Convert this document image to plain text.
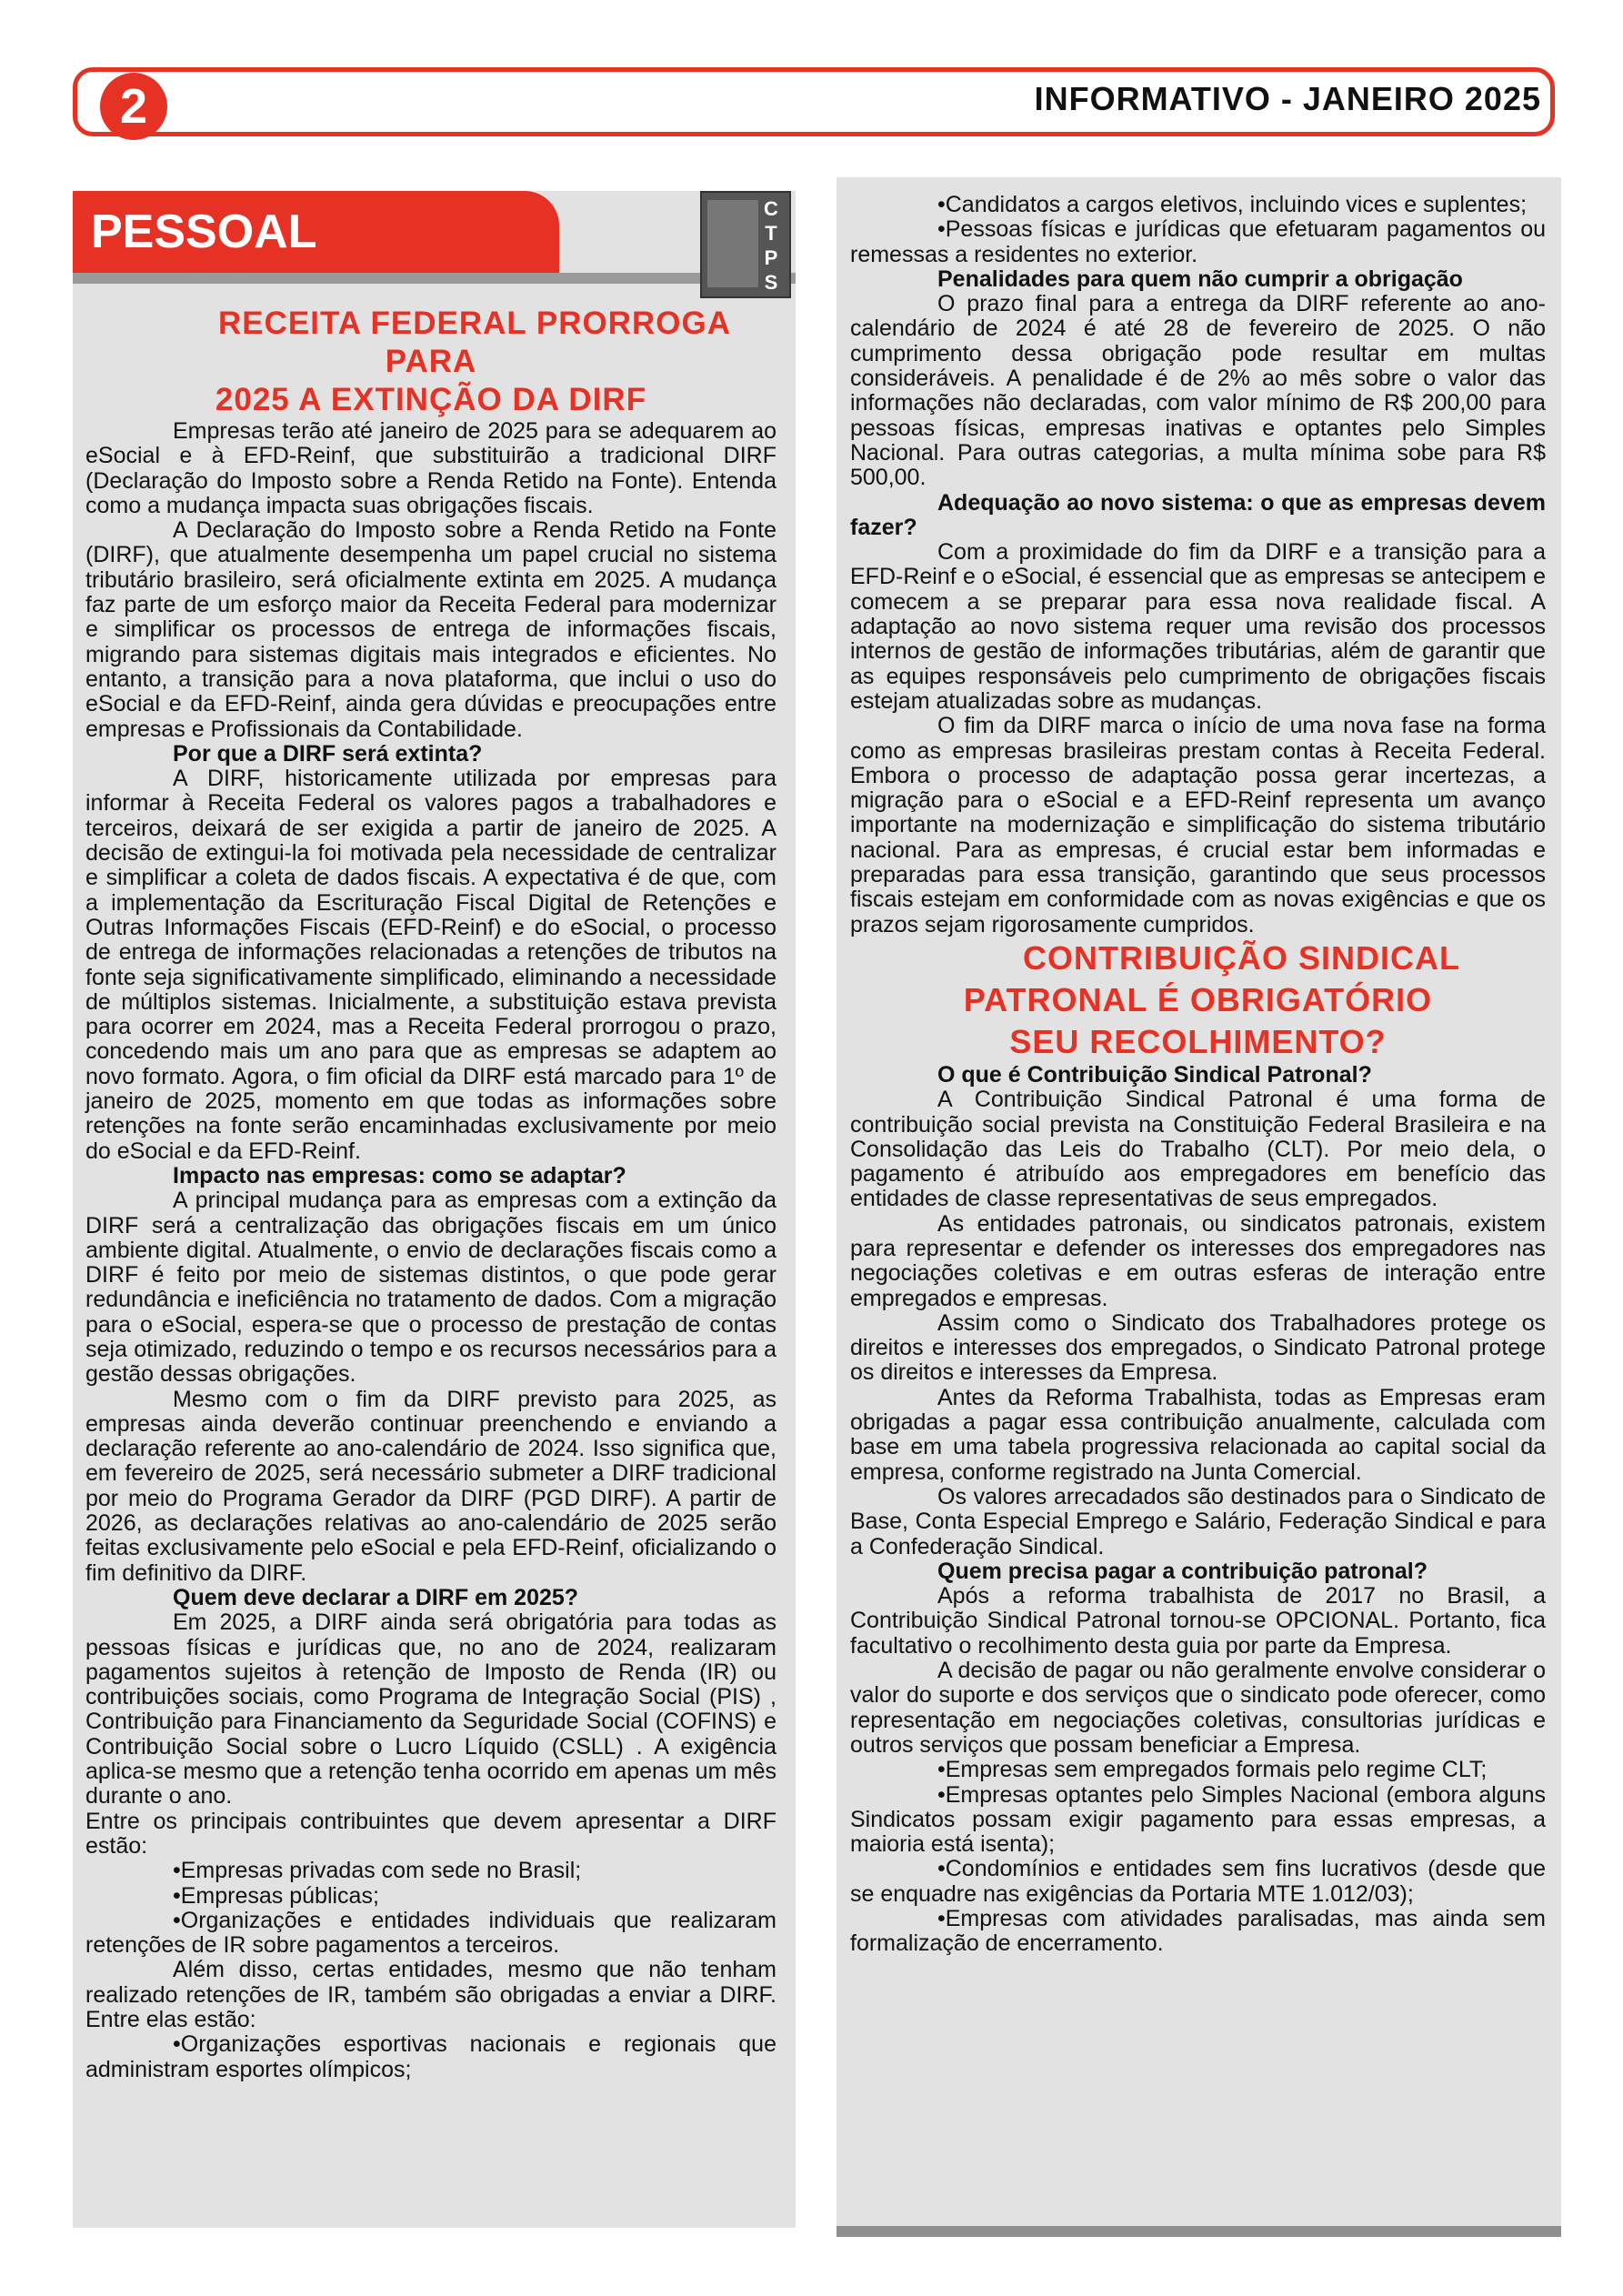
2	INFORMATIVO - JANEIRO 2025
PESSOAL	C
T
P
S

RECEITA FEDERAL PRORROGA PARA
2025 A EXTINÇÃO DA DIRF

Empresas terão até janeiro de 2025 para se adequarem ao eSocial e à EFD-Reinf, que substituirão a tradicional DIRF (Declaração do Imposto sobre a Renda Retido na Fonte). Entenda como a mudança impacta suas obrigações fiscais.

A Declaração do Imposto sobre a Renda Retido na Fonte (DIRF), que atualmente desempenha um papel crucial no sistema tributário brasileiro, será oficialmente extinta em 2025. A mudança faz parte de um esforço maior da Receita Federal para modernizar e simplificar os processos de entrega de informações fiscais, migrando para sistemas digitais mais integrados e eficientes. No entanto, a transição para a nova plataforma, que inclui o uso do eSocial e da EFD-Reinf, ainda gera dúvidas e preocupações entre empresas e Profissionais da Contabilidade.

Por que a DIRF será extinta?

A DIRF, historicamente utilizada por empresas para informar à Receita Federal os valores pagos a trabalhadores e terceiros, deixará de ser exigida a partir de janeiro de 2025. A decisão de extingui-la foi motivada pela necessidade de centralizar e simplificar a coleta de dados fiscais. A expectativa é de que, com a implementação da Escrituração Fiscal Digital de Retenções e Outras Informações Fiscais (EFD-Reinf) e do eSocial, o processo de entrega de informações relacionadas a retenções de tributos na fonte seja significativamente simplificado, eliminando a necessidade de múltiplos sistemas. Inicialmente, a substituição estava prevista para ocorrer em 2024, mas a Receita Federal prorrogou o prazo, concedendo mais um ano para que as empresas se adaptem ao novo formato. Agora, o fim oficial da DIRF está marcado para 1º de janeiro de 2025, momento em que todas as informações sobre retenções na fonte serão encaminhadas exclusivamente por meio do eSocial e da EFD-Reinf.

Impacto nas empresas: como se adaptar?

A principal mudança para as empresas com a extinção da DIRF será a centralização das obrigações fiscais em um único ambiente digital. Atualmente, o envio de declarações fiscais como a DIRF é feito por meio de sistemas distintos, o que pode gerar redundância e ineficiência no tratamento de dados. Com a migração para o eSocial, espera-se que o processo de prestação de contas seja otimizado, reduzindo o tempo e os recursos necessários para a gestão dessas obrigações.

Mesmo com o fim da DIRF previsto para 2025, as empresas ainda deverão continuar preenchendo e enviando a declaração referente ao ano-calendário de 2024. Isso significa que, em fevereiro de 2025, será necessário submeter a DIRF tradicional por meio do Programa Gerador da DIRF (PGD DIRF). A partir de 2026, as declarações relativas ao ano-calendário de 2025 serão feitas exclusivamente pelo eSocial e pela EFD-Reinf, oficializando o fim definitivo da DIRF.

Quem deve declarar a DIRF em 2025?

Em 2025, a DIRF ainda será obrigatória para todas as pessoas físicas e jurídicas que, no ano de 2024, realizaram pagamentos sujeitos à retenção de Imposto de Renda (IR) ou contribuições sociais, como Programa de Integração Social (PIS) , Contribuição para Financiamento da Seguridade Social (COFINS) e Contribuição Social sobre o Lucro Líquido (CSLL) . A exigência aplica-se mesmo que a retenção tenha ocorrido em apenas um mês durante o ano.

Entre os principais contribuintes que devem apresentar a DIRF estão:

•Empresas privadas com sede no Brasil;

•Empresas públicas;

•Organizações e entidades individuais que realizaram retenções de IR sobre pagamentos a terceiros.

Além disso, certas entidades, mesmo que não tenham realizado retenções de IR, também são obrigadas a enviar a DIRF. Entre elas estão:

•Organizações esportivas nacionais e regionais que administram esportes olímpicos;

•Candidatos a cargos eletivos, incluindo vices e suplentes;

•Pessoas físicas e jurídicas que efetuaram pagamentos ou remessas a residentes no exterior.

Penalidades para quem não cumprir a obrigação

O prazo final para a entrega da DIRF referente ao ano-calendário de 2024 é até 28 de fevereiro de 2025. O não cumprimento dessa obrigação pode resultar em multas consideráveis. A penalidade é de 2% ao mês sobre o valor das informações não declaradas, com valor mínimo de R$ 200,00 para pessoas físicas, empresas inativas e optantes pelo Simples Nacional. Para outras categorias, a multa mínima sobe para R$ 500,00.

Adequação ao novo sistema: o que as empresas devem fazer?

Com a proximidade do fim da DIRF e a transição para a EFD-Reinf e o eSocial, é essencial que as empresas se antecipem e comecem a se preparar para essa nova realidade fiscal. A adaptação ao novo sistema requer uma revisão dos processos internos de gestão de informações tributárias, além de garantir que as equipes responsáveis pelo cumprimento de obrigações fiscais estejam atualizadas sobre as mudanças.

O fim da DIRF marca o início de uma nova fase na forma como as empresas brasileiras prestam contas à Receita Federal. Embora o processo de adaptação possa gerar incertezas, a migração para o eSocial e a EFD-Reinf representa um avanço importante na modernização e simplificação do sistema tributário nacional. Para as empresas, é crucial estar bem informadas e preparadas para essa transição, garantindo que seus processos fiscais estejam em conformidade com as novas exigências e que os prazos sejam rigorosamente cumpridos.

CONTRIBUIÇÃO SINDICAL
PATRONAL É OBRIGATÓRIO
SEU RECOLHIMENTO?

O que é Contribuição Sindical Patronal?

A Contribuição Sindical Patronal é uma forma de contribuição social prevista na Constituição Federal Brasileira e na Consolidação das Leis do Trabalho (CLT). Por meio dela, o pagamento é atribuído aos empregadores em benefício das entidades de classe representativas de seus empregados.

As entidades patronais, ou sindicatos patronais, existem para representar e defender os interesses dos empregadores nas negociações coletivas e em outras esferas de interação entre empregados e empresas.

Assim como o Sindicato dos Trabalhadores protege os direitos e interesses dos empregados, o Sindicato Patronal protege os direitos e interesses da Empresa.

Antes da Reforma Trabalhista, todas as Empresas eram obrigadas a pagar essa contribuição anualmente, calculada com base em uma tabela progressiva relacionada ao capital social da empresa, conforme registrado na Junta Comercial.

Os valores arrecadados são destinados para o Sindicato de Base, Conta Especial Emprego e Salário, Federação Sindical e para a Confederação Sindical.

Quem precisa pagar a contribuição patronal?

Após a reforma trabalhista de 2017 no Brasil, a Contribuição Sindical Patronal tornou-se OPCIONAL. Portanto, fica facultativo o recolhimento desta guia por parte da Empresa.

A decisão de pagar ou não geralmente envolve considerar o valor do suporte e dos serviços que o sindicato pode oferecer, como representação em negociações coletivas, consultorias jurídicas e outros serviços que possam beneficiar a Empresa.

•Empresas sem empregados formais pelo regime CLT;

•Empresas optantes pelo Simples Nacional (embora alguns Sindicatos possam exigir pagamento para essas empresas, a maioria está isenta);

•Condomínios e entidades sem fins lucrativos (desde que se enquadre nas exigências da Portaria MTE 1.012/03);

•Empresas com atividades paralisadas, mas ainda sem formalização de encerramento.
